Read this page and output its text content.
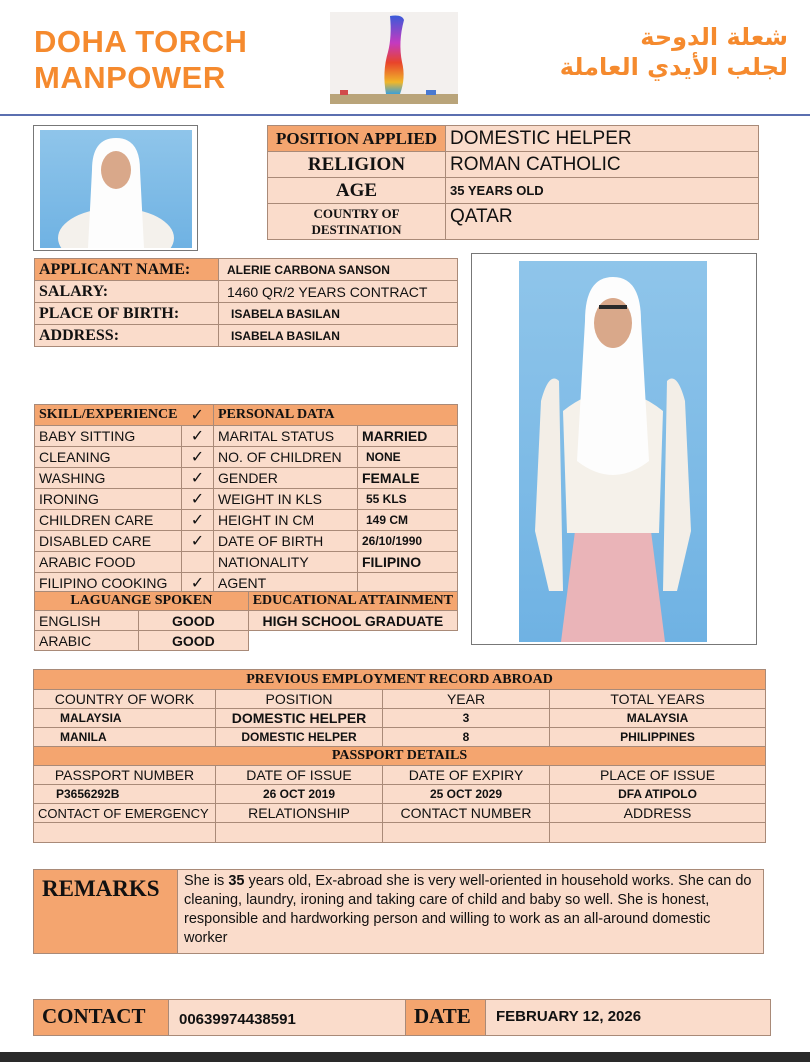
DOHA TORCH
MANPOWER
شعلة الدوحة
لجلب الأيدي العاملة
POSITION APPLIED	DOMESTIC HELPER
RELIGION	ROMAN CATHOLIC
AGE	35 YEARS OLD
COUNTRY OF DESTINATION	QATAR
APPLICANT NAME:	ALERIE CARBONA SANSON
SALARY:	1460 QR/2 YEARS CONTRACT
PLACE OF BIRTH:	ISABELA BASILAN
ADDRESS:	ISABELA BASILAN
SKILL/EXPERIENCE	✓	PERSONAL DATA	
BABY SITTING	✓	MARITAL STATUS	MARRIED
CLEANING	✓	NO. OF CHILDREN	NONE
WASHING	✓	GENDER	FEMALE
IRONING	✓	WEIGHT IN KLS	55 KLS
CHILDREN CARE	✓	HEIGHT IN CM	149 CM
DISABLED CARE	✓	DATE OF BIRTH	26/10/1990
ARABIC FOOD		NATIONALITY	FILIPINO
FILIPINO COOKING	✓	AGENT	
LAGUANGE SPOKEN		EDUCATIONAL ATTAINMENT
ENGLISH	GOOD	HIGH SCHOOL GRADUATE
ARABIC	GOOD	
PREVIOUS EMPLOYMENT RECORD ABROAD			
COUNTRY OF WORK	POSITION	YEAR	TOTAL YEARS
MALAYSIA	DOMESTIC HELPER	3	MALAYSIA
MANILA	DOMESTIC HELPER	8	PHILIPPINES
PASSPORT DETAILS			
PASSPORT NUMBER	DATE OF ISSUE	DATE OF EXPIRY	PLACE OF ISSUE
P3656292B	26 OCT 2019	25 OCT 2029	DFA ATIPOLO
CONTACT OF EMERGENCY	RELATIONSHIP	CONTACT NUMBER	ADDRESS

REMARKS	She is 35 years old, Ex-abroad she is very well-oriented in household works. She can do cleaning, laundry, ironing and taking care of child and baby so well. She is honest, responsible and hardworking person and willing to work as an all-around domestic worker
CONTACT	00639974438591	DATE	FEBRUARY 12, 2026
